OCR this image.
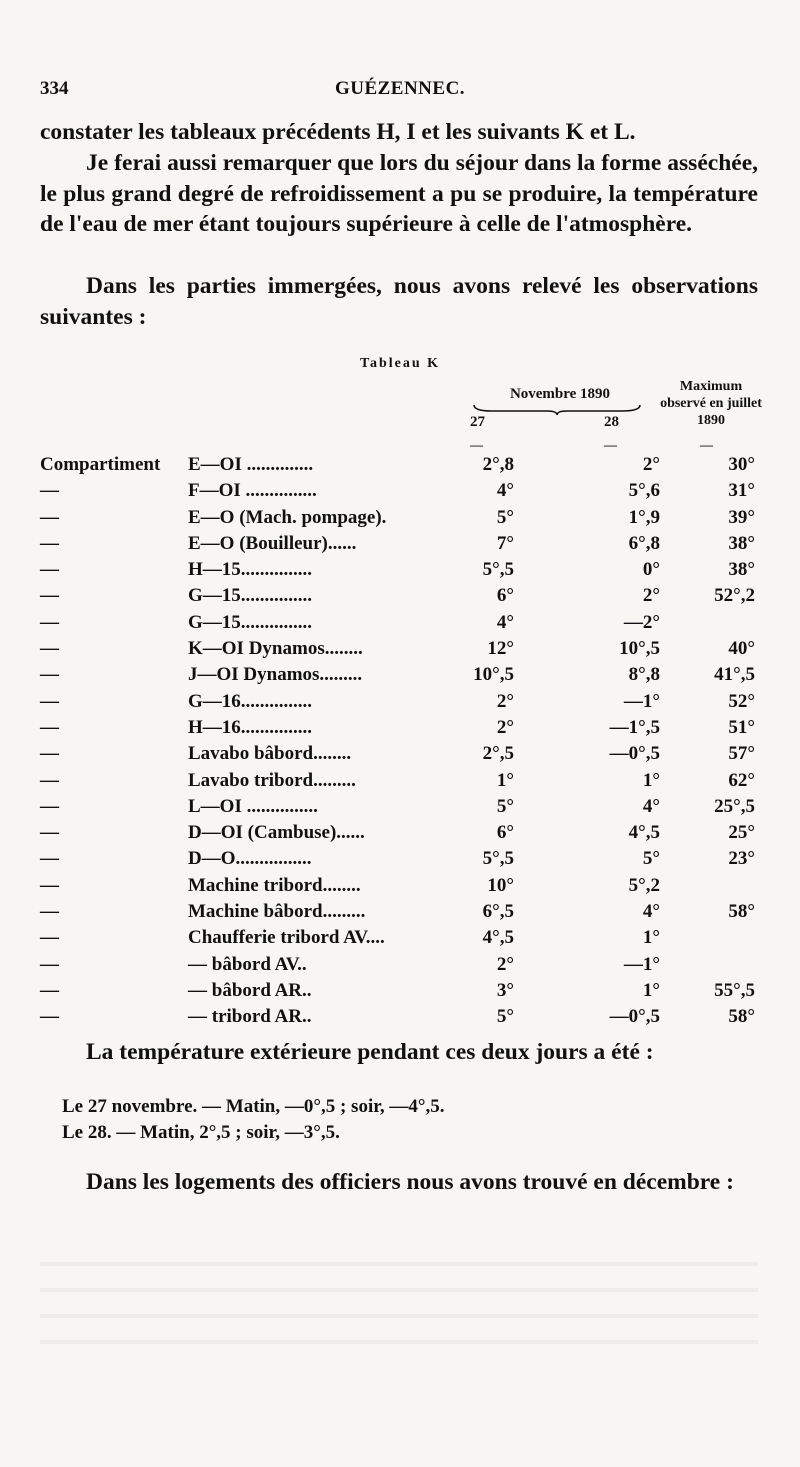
334	GUÉZENNEC.

constater les tableaux précédents H, I et les suivants K et L.

Je ferai aussi remarquer que lors du séjour dans la forme asséchée, le plus grand degré de refroidissement a pu se produire, la température de l'eau de mer étant toujours supérieure à celle de l'atmosphère.

Dans les parties immergées, nous avons relevé les observations suivantes :

Tableau K
Novembre 1890
27	28
Maximum observé en juillet 1890
—	—	—
Compartiment E—OI ..............	2°,8	2°	30°
—	F—OI ...............	4°	5°,6	31°
—	E—O (Mach. pompage).	5°	1°,9	39°
—	E—O (Bouilleur)......	7°	6°,8	38°
—	H—15...............	5°,5	0°	38°
—	G—15...............	6°	2°	52°,2
—	G—15...............	4°	—2°
—	K—OI Dynamos........	12°	10°,5	40°
—	J—OI Dynamos.........	10°,5	8°,8	41°,5
—	G—16...............	2°	—1°	52°
—	H—16...............	2°	—1°,5	51°
—	Lavabo bâbord........	2°,5	—0°,5	57°
—	Lavabo tribord.........	1°	1°	62°
—	L—OI ...............	5°	4°	25°,5
—	D—OI (Cambuse)......	6°	4°,5	25°
—	D—O................	5°,5	5°	23°
—	Machine tribord........	10°	5°,2
—	Machine bâbord.........	6°,5	4°	58°
—	Chaufferie tribord AV....	4°,5	1°
—	— bâbord AV..	2°	—1°
—	— bâbord AR..	3°	1°	55°,5
—	— tribord AR..	5°	—0°,5	58°

La température extérieure pendant ces deux jours a été :

Le 27 novembre. — Matin, —0°,5 ; soir, —4°,5.
Le 28. — Matin, 2°,5 ; soir, —3°,5.

Dans les logements des officiers nous avons trouvé en décembre :
